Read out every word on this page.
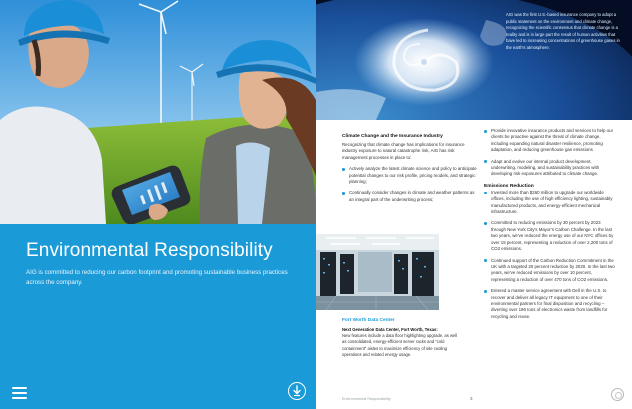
Environmental Responsibility
AIG is committed to reducing our carbon footprint and promoting sustainable business practices across the company.
AIG was the first U.S.-based insurance company to adopt a public statement on the environment and climate change, recognizing the scientific consensus that climate change is a reality and is in large part the result of human activities that have led to increasing concentrations of greenhouse gases in the earth's atmosphere.
Climate Change and the Insurance Industry
Recognizing that climate change has implications for insurance industry exposure to natural catastrophe risk, AIG has risk management processes in place to:
Actively analyze the latest climate science and policy to anticipate potential changes to our risk profile, pricing models, and strategic planning;
Continually consider changes in climate and weather patterns as an integral part of the underwriting process;
Provide innovative insurance products and services to help our clients be proactive against the threat of climate change, including expanding natural disaster resilience, promoting adaptation, and reducing greenhouse gas emissions
Adapt and evolve our internal product development, underwriting, modeling, and sustainability practices with developing risk exposures attributed to climate change.
Emissions Reduction
Invested more than $260 million to upgrade our worldwide offices, including the use of high efficiency lighting, sustainably manufactured products, and energy-efficient mechanical infrastructure.
Committed to reducing emissions by 30 percent by 2023 through New York City's Mayor's Carbon Challenge. In the last two years, we've reduced the energy use of our NYC offices by over 15 percent, representing a reduction of over 2,200 tons of CO2 emissions.
Continued support of the Carbon Reduction Commitment in the UK with a targeted 20 percent reduction by 2020. In the last two years, we've reduced emissions by over 10 percent, representing a reduction of over 470 tons of CO2 emissions.
Entered a master service agreement with Dell in the U.S. to recover and deliver all legacy IT equipment to one of their environmental partners for final disposition and recycling – diverting over 196 tons of electronics waste from landfills for recycling and reuse.
Fort Worth Data Center
Next Generation Data Center, Fort Worth, Texas:
New features include a data floor highlighting upgrade, as well as consolidated, energy-efficient server racks and "cold containment" aisles to maximize efficiency of site cooling operations and related energy usage.
Environmental Responsibility	3
